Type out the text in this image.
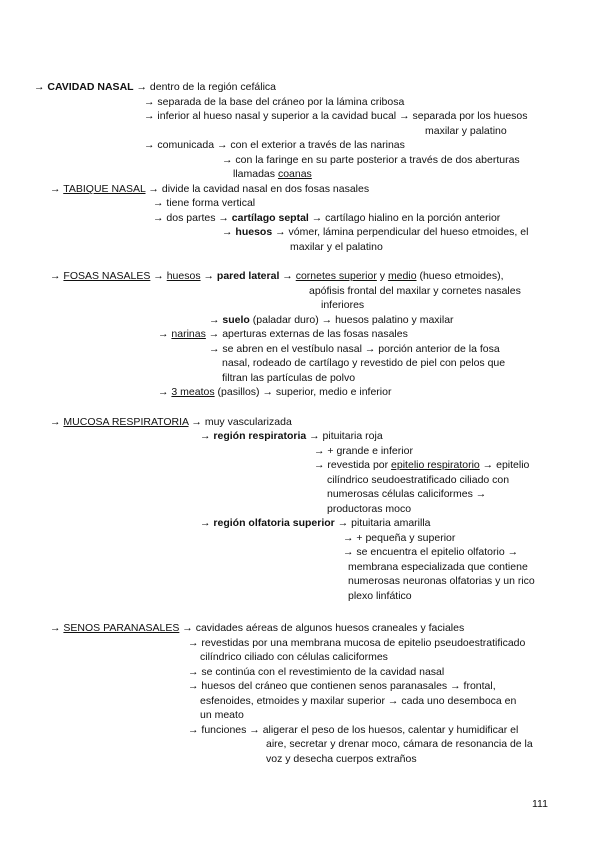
→ CAVIDAD NASAL → dentro de la región cefálica
→ separada de la base del cráneo por la lámina cribosa
→ inferior al hueso nasal y superior a la cavidad bucal → separada por los huesos
maxilar y palatino
→ comunicada → con el exterior a través de las narinas
→ con la faringe en su parte posterior a través de dos aberturas
llamadas coanas
→ TABIQUE NASAL → divide la cavidad nasal en dos fosas nasales
→ tiene forma vertical
→ dos partes → cartílago septal → cartílago hialino en la porción anterior
→ huesos → vómer, lámina perpendicular del hueso etmoides, el
maxilar y el palatino
→ FOSAS NASALES → huesos → pared lateral → cornetes superior y medio (hueso etmoides),
apófisis frontal del maxilar y cornetes nasales
inferiores
→ suelo (paladar duro) → huesos palatino y maxilar
→ narinas → aperturas externas de las fosas nasales
→ se abren en el vestíbulo nasal → porción anterior de la fosa
nasal, rodeado de cartílago y revestido de piel con pelos que
filtran las partículas de polvo
→ 3 meatos (pasillos) → superior, medio e inferior
→ MUCOSA RESPIRATORIA → muy vascularizada
→ región respiratoria → pituitaria roja
→ + grande e inferior
→ revestida por epitelio respiratorio → epitelio
cilíndrico seudoestratificado ciliado con
numerosas células caliciformes →
productoras moco
→ región olfatoria superior → pituitaria amarilla
→ + pequeña y superior
→ se encuentra el epitelio olfatorio →
membrana especializada que contiene
numerosas neuronas olfatorias y un rico
plexo linfático
→ SENOS PARANASALES → cavidades aéreas de algunos huesos craneales y faciales
→ revestidas por una membrana mucosa de epitelio pseudoestratificado
cilíndrico ciliado con células caliciformes
→ se continúa con el revestimiento de la cavidad nasal
→ huesos del cráneo que contienen senos paranasales → frontal,
esfenoides, etmoides y maxilar superior → cada uno desemboca en
un meato
→ funciones → aligerar el peso de los huesos, calentar y humidificar el
aire, secretar y drenar moco, cámara de resonancia de la
voz y desecha cuerpos extraños
111
